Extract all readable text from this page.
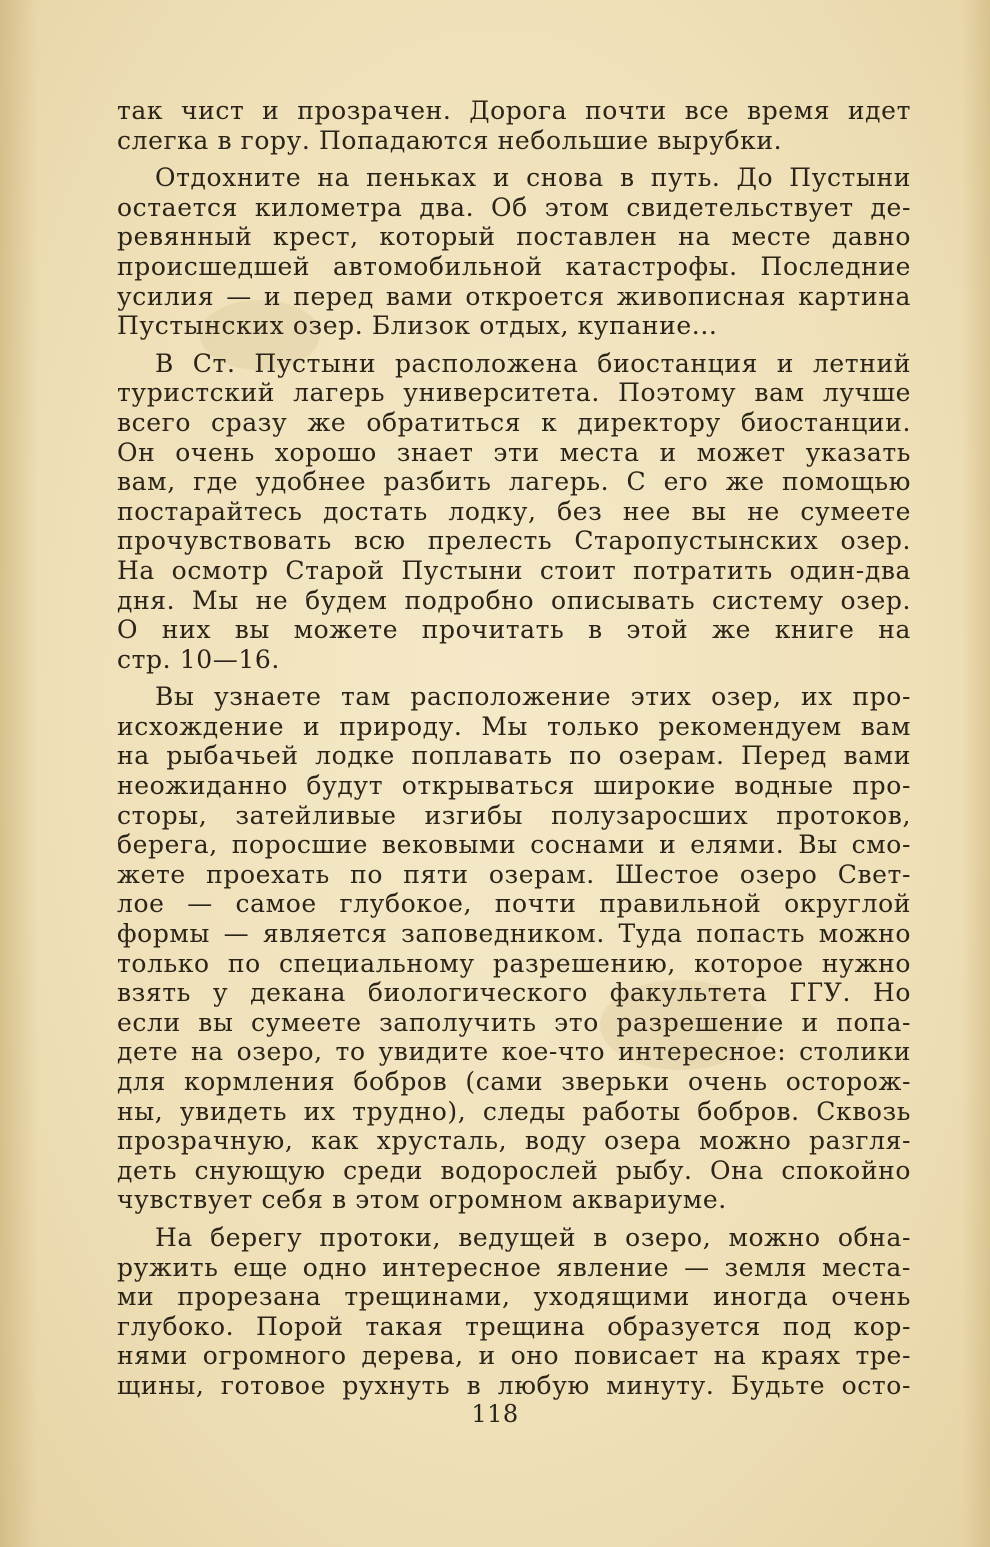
так чист и прозрачен. Дорога почти все время идет
слегка в гору. Попадаются небольшие вырубки.
Отдохните на пеньках и снова в путь. До Пустыни
остается километра два. Об этом свидетельствует де-
ревянный крест, который поставлен на месте давно
происшедшей автомобильной катастрофы. Последние
усилия — и перед вами откроется живописная картина
Пустынских озер. Близок отдых, купание...
В Ст. Пустыни расположена биостанция и летний
туристский лагерь университета. Поэтому вам лучше
всего сразу же обратиться к директору биостанции.
Он очень хорошо знает эти места и может указать
вам, где удобнее разбить лагерь. С его же помощью
постарайтесь достать лодку, без нее вы не сумеете
прочувствовать всю прелесть Старопустынских озер.
На осмотр Старой Пустыни стоит потратить один-два
дня. Мы не будем подробно описывать систему озер.
О них вы можете прочитать в этой же книге на
стр. 10—16.
Вы узнаете там расположение этих озер, их про-
исхождение и природу. Мы только рекомендуем вам
на рыбачьей лодке поплавать по озерам. Перед вами
неожиданно будут открываться широкие водные про-
сторы, затейливые изгибы полузаросших протоков,
берега, поросшие вековыми соснами и елями. Вы смо-
жете проехать по пяти озерам. Шестое озеро Свет-
лое — самое глубокое, почти правильной округлой
формы — является заповедником. Туда попасть можно
только по специальному разрешению, которое нужно
взять у декана биологического факультета ГГУ. Но
если вы сумеете заполучить это разрешение и попа-
дете на озеро, то увидите кое-что интересное: столики
для кормления бобров (сами зверьки очень осторож-
ны, увидеть их трудно), следы работы бобров. Сквозь
прозрачную, как хрусталь, воду озера можно разгля-
деть снующую среди водорослей рыбу. Она спокойно
чувствует себя в этом огромном аквариуме.
На берегу протоки, ведущей в озеро, можно обна-
ружить еще одно интересное явление — земля места-
ми прорезана трещинами, уходящими иногда очень
глубоко. Порой такая трещина образуется под кор-
нями огромного дерева, и оно повисает на краях тре-
щины, готовое рухнуть в любую минуту. Будьте осто-
118
